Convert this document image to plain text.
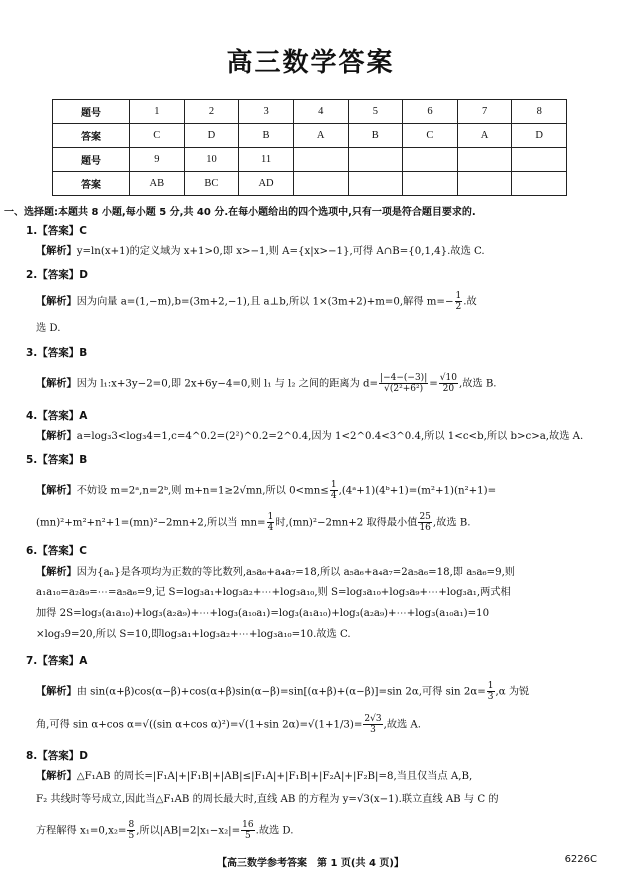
高三数学答案
题号	1	2	3	4	5	6	7	8
答案	C	D	B	A	B	C	A	D
题号	9	10	11					
答案	AB	BC	AD					
一、选择题:本题共 8 小题,每小题 5 分,共 40 分.在每小题给出的四个选项中,只有一项是符合题目要求的.
1.【答案】C
【解析】y=ln(x+1)的定义域为 x+1>0,即 x>−1,则 A={x|x>−1},可得 A∩B={0,1,4}.故选 C.
2.【答案】D
【解析】因为向量 a=(1,−m),b=(3m+2,−1),且 a⊥b,所以 1×(3m+2)+m=0,解得 $m=- \frac{1}{2}$ .故
选 D.
3.【答案】B
【解析】因为 l₁:x+3y−2=0,即 2x+6y−4=0,则 l₁ 与 l₂ 之间的距离为 $d= \frac{|-4-(-3)|}{\text{√(2²+6²)}} = \frac{√10}{20}$ ,故选 B.
4.【答案】A
【解析】a=log₃3<log₃4=1,c=4^0.2=(2²)^0.2=2^0.4,因为 1<2^0.4<3^0.4,所以 1<c<b,所以 b>c>a,故选 A.
5.【答案】B
【解析】不妨设 m=2ᵃ,n=2ᵇ,则 m+n=1≥2√mn,所以 $0<mn\le \frac{1}{4}$ ,(4ᵃ+1)(4ᵇ+1)=(m²+1)(n²+1)=
(mn)²+m²+n²+1=(mn)²−2mn+2,所以当 $mn= \frac{1}{4}$ 时,(mn)²−2mn+2 取得最小值 $\frac{25}{16}$ ,故选 B.
6.【答案】C
【解析】因为{aₙ}是各项均为正数的等比数列,a₅a₆+a₄a₇=18,所以 a₅a₆+a₄a₇=2a₅a₆=18,即 a₅a₆=9,则
a₁a₁₀=a₂a₉=⋯=a₅a₆=9,记 S=log₃a₁+log₃a₂+⋯+log₃a₁₀,则 S=log₃a₁₀+log₃a₉+⋯+log₃a₁,两式相
加得 2S=log₃(a₁a₁₀)+log₃(a₂a₉)+⋯+log₃(a₁₀a₁)=log₃(a₁a₁₀)+log₃(a₂a₉)+⋯+log₃(a₁₀a₁)=10
×log₃9=20,所以 S=10,即log₃a₁+log₃a₂+⋯+log₃a₁₀=10.故选 C.
7.【答案】A
【解析】由 sin(α+β)cos(α−β)+cos(α+β)sin(α−β)=sin[(α+β)+(α−β)]=sin 2α,可得 $\sin 2\alpha= \frac{1}{3} ,\alpha$ 为锐
角,可得 sin α+cos α=√((sin α+cos α)²)=√(1+sin $2\alpha)=√(1+1/3)= \frac{2√3}{3}$ ,故选 A.
8.【答案】D
【解析】△F₁AB 的周长=|F₁A|+|F₁B|+|AB|≤|F₁A|+|F₁B|+|F₂A|+|F₂B|=8,当且仅当点 A,B,
F₂ 共线时等号成立,因此当△F₁AB 的周长最大时,直线 AB 的方程为 y=√3(x−1).联立直线 AB 与 C 的
方程解得 $x_1=0,x_2= \frac{8}{5}$ ,所以$|AB|=2|x_1-x_2|= \frac{16}{5}$ .故选 D.
【高三数学参考答案　第 1 页(共 4 页)】	6226C
